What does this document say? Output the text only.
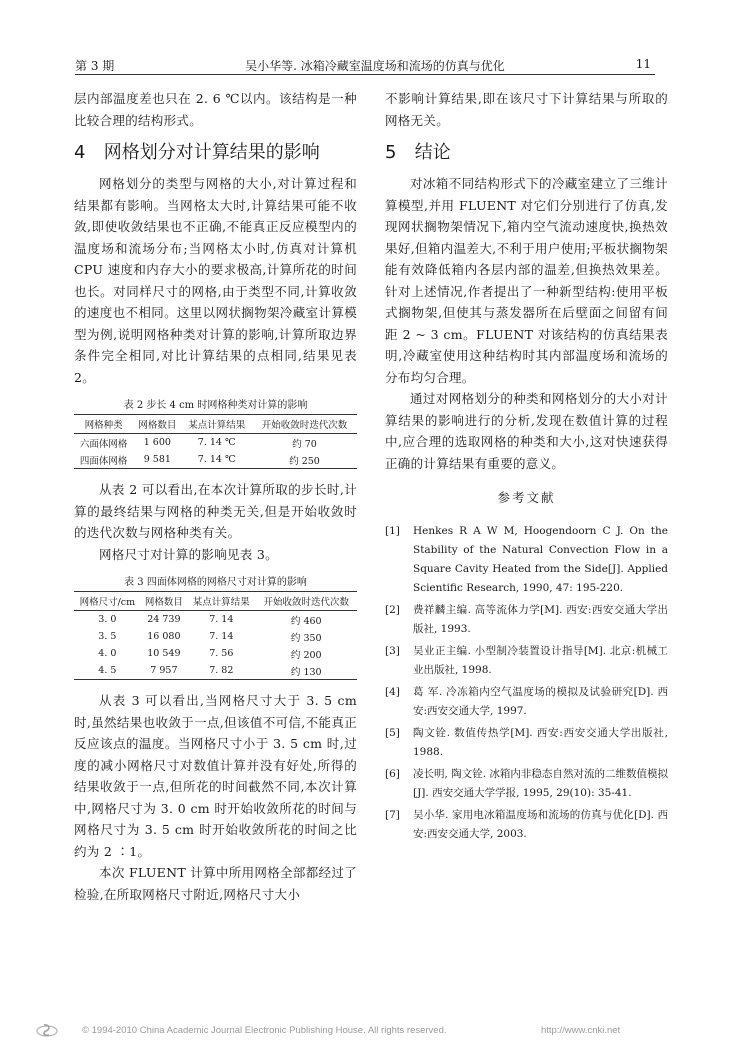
第 3 期	吴小华等. 冰箱冷藏室温度场和流场的仿真与优化	11

层内部温度差也只在 2. 6 ℃以内。该结构是一种比较合理的结构形式。

4 网格划分对计算结果的影响

网格划分的类型与网格的大小,对计算过程和结果都有影响。当网格太大时,计算结果可能不收敛,即使收敛结果也不正确,不能真正反应模型内的温度场和流场分布;当网格太小时,仿真对计算机 CPU 速度和内存大小的要求极高,计算所花的时间也长。对同样尺寸的网格,由于类型不同,计算收敛的速度也不相同。这里以网状搁物架冷藏室计算模型为例,说明网格种类对计算的影响,计算所取边界条件完全相同,对比计算结果的点相同,结果见表 2。

表 2 步长 4 cm 时网格种类对计算的影响
网格种类	网格数目	某点计算结果	开始收敛时迭代次数
六面体网格	1 600	7. 14 ℃	约 70
四面体网格	9 581	7. 14 ℃	约 250

从表 2 可以看出,在本次计算所取的步长时,计算的最终结果与网格的种类无关,但是开始收敛时的迭代次数与网格种类有关。

网格尺寸对计算的影响见表 3。

表 3 四面体网格的网格尺寸对计算的影响
网格尺寸/cm	网格数目	某点计算结果	开始收敛时迭代次数
3. 0	24 739	7. 14	约 460
3. 5	16 080	7. 14	约 350
4. 0	10 549	7. 56	约 200
4. 5	7 957	7. 82	约 130

从表 3 可以看出,当网格尺寸大于 3. 5 cm 时,虽然结果也收敛于一点,但该值不可信,不能真正反应该点的温度。当网格尺寸小于 3. 5 cm 时,过度的减小网格尺寸对数值计算并没有好处,所得的结果收敛于一点,但所花的时间截然不同,本次计算中,网格尺寸为 3. 0 cm 时开始收敛所花的时间与网格尺寸为 3. 5 cm 时开始收敛所花的时间之比约为 2 ∶1。

本次 FLUENT 计算中所用网格全部都经过了检验,在所取网格尺寸附近,网格尺寸大小

不影响计算结果,即在该尺寸下计算结果与所取的网格无关。

5 结论

对冰箱不同结构形式下的冷藏室建立了三维计算模型,并用 FLUENT 对它们分别进行了仿真,发现网状搁物架情况下,箱内空气流动速度快,换热效果好,但箱内温差大,不利于用户使用;平板状搁物架能有效降低箱内各层内部的温差,但换热效果差。针对上述情况,作者提出了一种新型结构:使用平板式搁物架,但使其与蒸发器所在后壁面之间留有间距 2 ~ 3 cm。FLUENT 对该结构的仿真结果表明,冷藏室使用这种结构时其内部温度场和流场的分布均匀合理。

通过对网格划分的种类和网格划分的大小对计算结果的影响进行的分析,发现在数值计算的过程中,应合理的选取网格的种类和大小,这对快速获得正确的计算结果有重要的意义。

参考文献
[1] Henkes R A W M, Hoogendoorn C J. On the Stability of the Natural Convection Flow in a Square Cavity Heated from the Side[J]. Applied Scientific Research, 1990, 47: 195-220.
[2] 费祥麟主编. 高等流体力学[M]. 西安:西安交通大学出版社, 1993.
[3] 吴业正主编. 小型制冷装置设计指导[M]. 北京:机械工业出版社, 1998.
[4] 葛 军. 冷冻箱内空气温度场的模拟及试验研究[D]. 西安:西安交通大学, 1997.
[5] 陶文铨. 数值传热学[M]. 西安:西安交通大学出版社, 1988.
[6] 凌长明, 陶文铨. 冰箱内非稳态自然对流的二维数值模拟[J]. 西安交通大学学报, 1995, 29(10): 35-41.
[7] 吴小华. 家用电冰箱温度场和流场的仿真与优化[D]. 西安:西安交通大学, 2003.
© 1994-2010 China Academic Journal Electronic Publishing House. All rights reserved.	http://www.cnki.net
